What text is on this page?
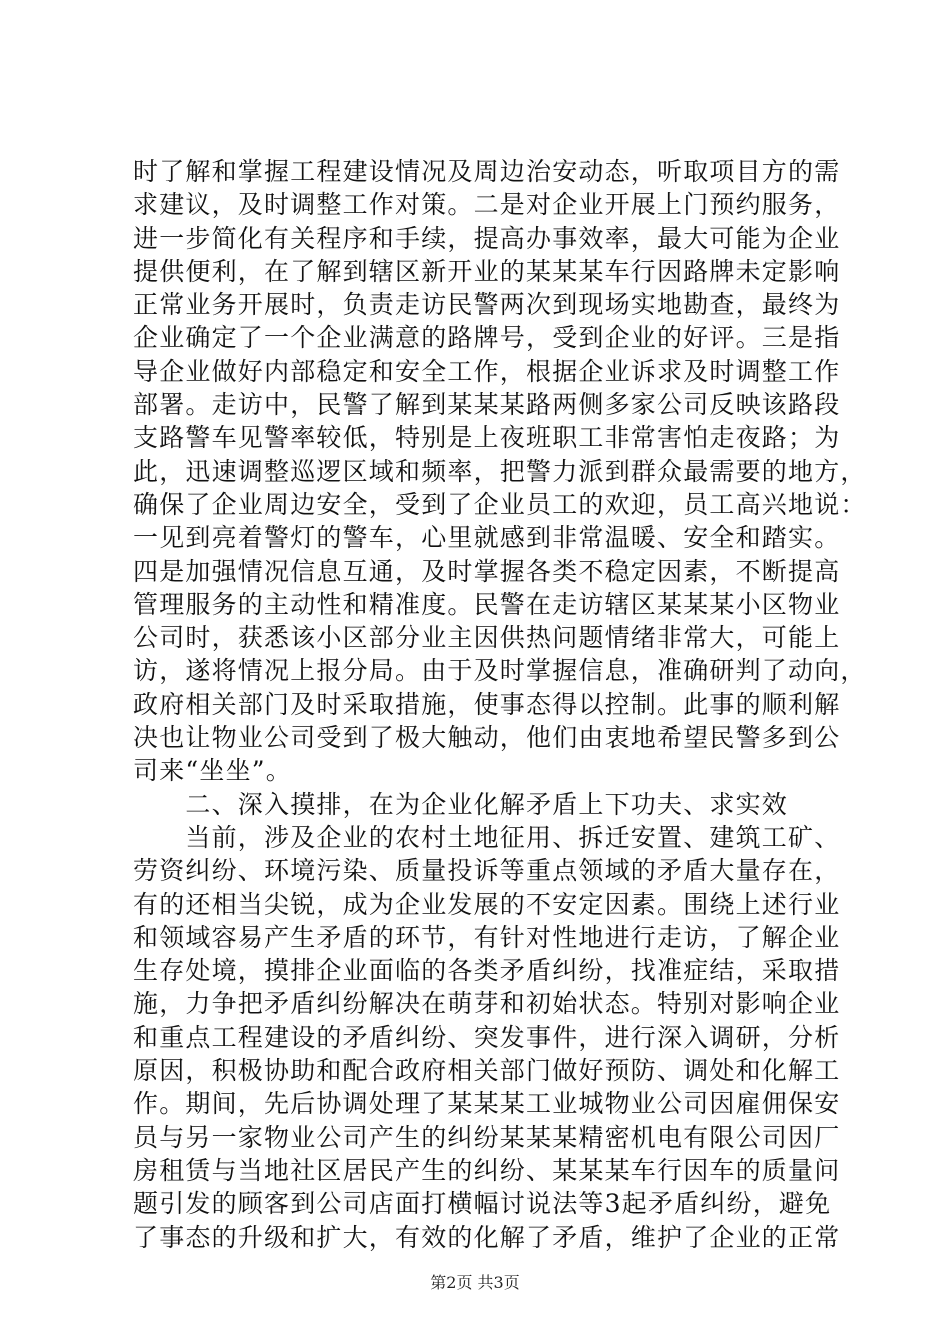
时了解和掌握工程建设情况及周边治安动态，听取项目方的需
求建议，及时调整工作对策。二是对企业开展上门预约服务，
进一步简化有关程序和手续，提高办事效率，最大可能为企业
提供便利，在了解到辖区新开业的某某某车行因路牌未定影响
正常业务开展时，负责走访民警两次到现场实地勘查，最终为
企业确定了一个企业满意的路牌号，受到企业的好评。三是指
导企业做好内部稳定和安全工作，根据企业诉求及时调整工作
部署。走访中，民警了解到某某某路两侧多家公司反映该路段
支路警车见警率较低，特别是上夜班职工非常害怕走夜路；为
此，迅速调整巡逻区域和频率，把警力派到群众最需要的地方，
确保了企业周边安全，受到了企业员工的欢迎，员工高兴地说：
一见到亮着警灯的警车，心里就感到非常温暖、安全和踏实。
四是加强情况信息互通，及时掌握各类不稳定因素，不断提高
管理服务的主动性和精准度。民警在走访辖区某某某小区物业
公司时，获悉该小区部分业主因供热问题情绪非常大，可能上
访，遂将情况上报分局。由于及时掌握信息，准确研判了动向，
政府相关部门及时采取措施，使事态得以控制。此事的顺利解
决也让物业公司受到了极大触动，他们由衷地希望民警多到公
司来“坐坐”。
　　二、深入摸排，在为企业化解矛盾上下功夫、求实效
　　当前，涉及企业的农村土地征用、拆迁安置、建筑工矿、
劳资纠纷、环境污染、质量投诉等重点领域的矛盾大量存在，
有的还相当尖锐，成为企业发展的不安定因素。围绕上述行业
和领域容易产生矛盾的环节，有针对性地进行走访，了解企业
生存处境，摸排企业面临的各类矛盾纠纷，找准症结，采取措
施，力争把矛盾纠纷解决在萌芽和初始状态。特别对影响企业
和重点工程建设的矛盾纠纷、突发事件，进行深入调研，分析
原因，积极协助和配合政府相关部门做好预防、调处和化解工
作。期间，先后协调处理了某某某工业城物业公司因雇佣保安
员与另一家物业公司产生的纠纷某某某精密机电有限公司因厂
房租赁与当地社区居民产生的纠纷、某某某车行因车的质量问
题引发的顾客到公司店面打横幅讨说法等3起矛盾纠纷，避免
了事态的升级和扩大，有效的化解了矛盾，维护了企业的正常
第2页 共3页
